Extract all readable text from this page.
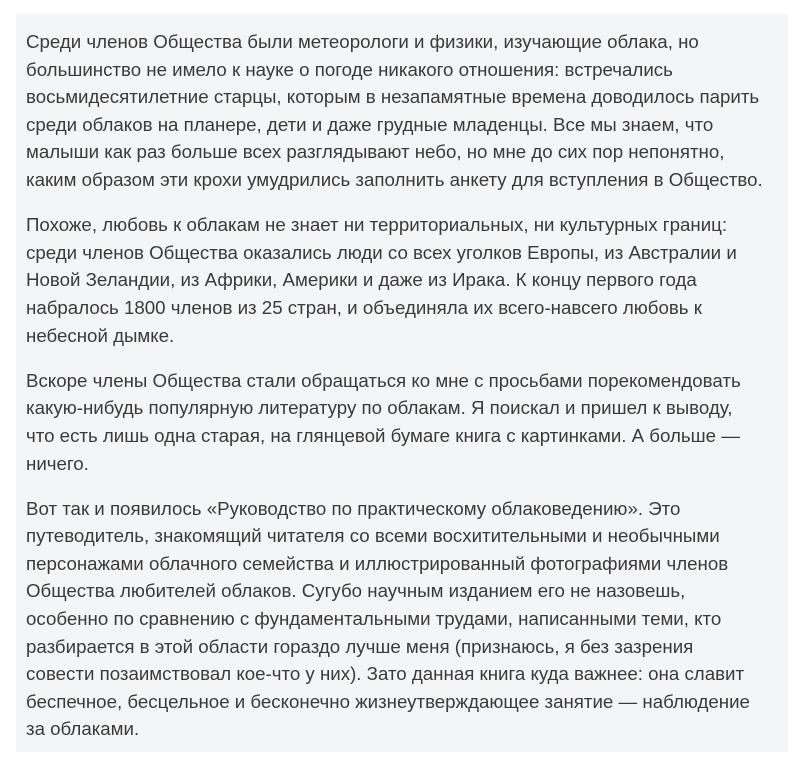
Среди членов Общества были метеорологи и физики, изучающие облака, но
большинство не имело к науке о погоде никакого отношения: встречались
восьмидесятилетние старцы, которым в незапамятные времена доводилось парить
среди облаков на планере, дети и даже грудные младенцы. Все мы знаем, что
малыши как раз больше всех разглядывают небо, но мне до сих пор непонятно,
каким образом эти крохи умудрились заполнить анкету для вступления в Общество.

Похоже, любовь к облакам не знает ни территориальных, ни культурных границ:
среди членов Общества оказались люди со всех уголков Европы, из Австралии и
Новой Зеландии, из Африки, Америки и даже из Ирака. К концу первого года
набралось 1800 членов из 25 стран, и объединяла их всего-навсего любовь к
небесной дымке.

Вскоре члены Общества стали обращаться ко мне с просьбами порекомендовать
какую-нибудь популярную литературу по облакам. Я поискал и пришел к выводу,
что есть лишь одна старая, на глянцевой бумаге книга с картинками. А больше —
ничего.

Вот так и появилось «Руководство по практическому облаковедению». Это
путеводитель, знакомящий читателя со всеми восхитительными и необычными
персонажами облачного семейства и иллюстрированный фотографиями членов
Общества любителей облаков. Сугубо научным изданием его не назовешь,
особенно по сравнению с фундаментальными трудами, написанными теми, кто
разбирается в этой области гораздо лучше меня (признаюсь, я без зазрения
совести позаимствовал кое-что у них). Зато данная книга куда важнее: она славит
беспечное, бесцельное и бесконечно жизнеутверждающее занятие — наблюдение
за облаками.
